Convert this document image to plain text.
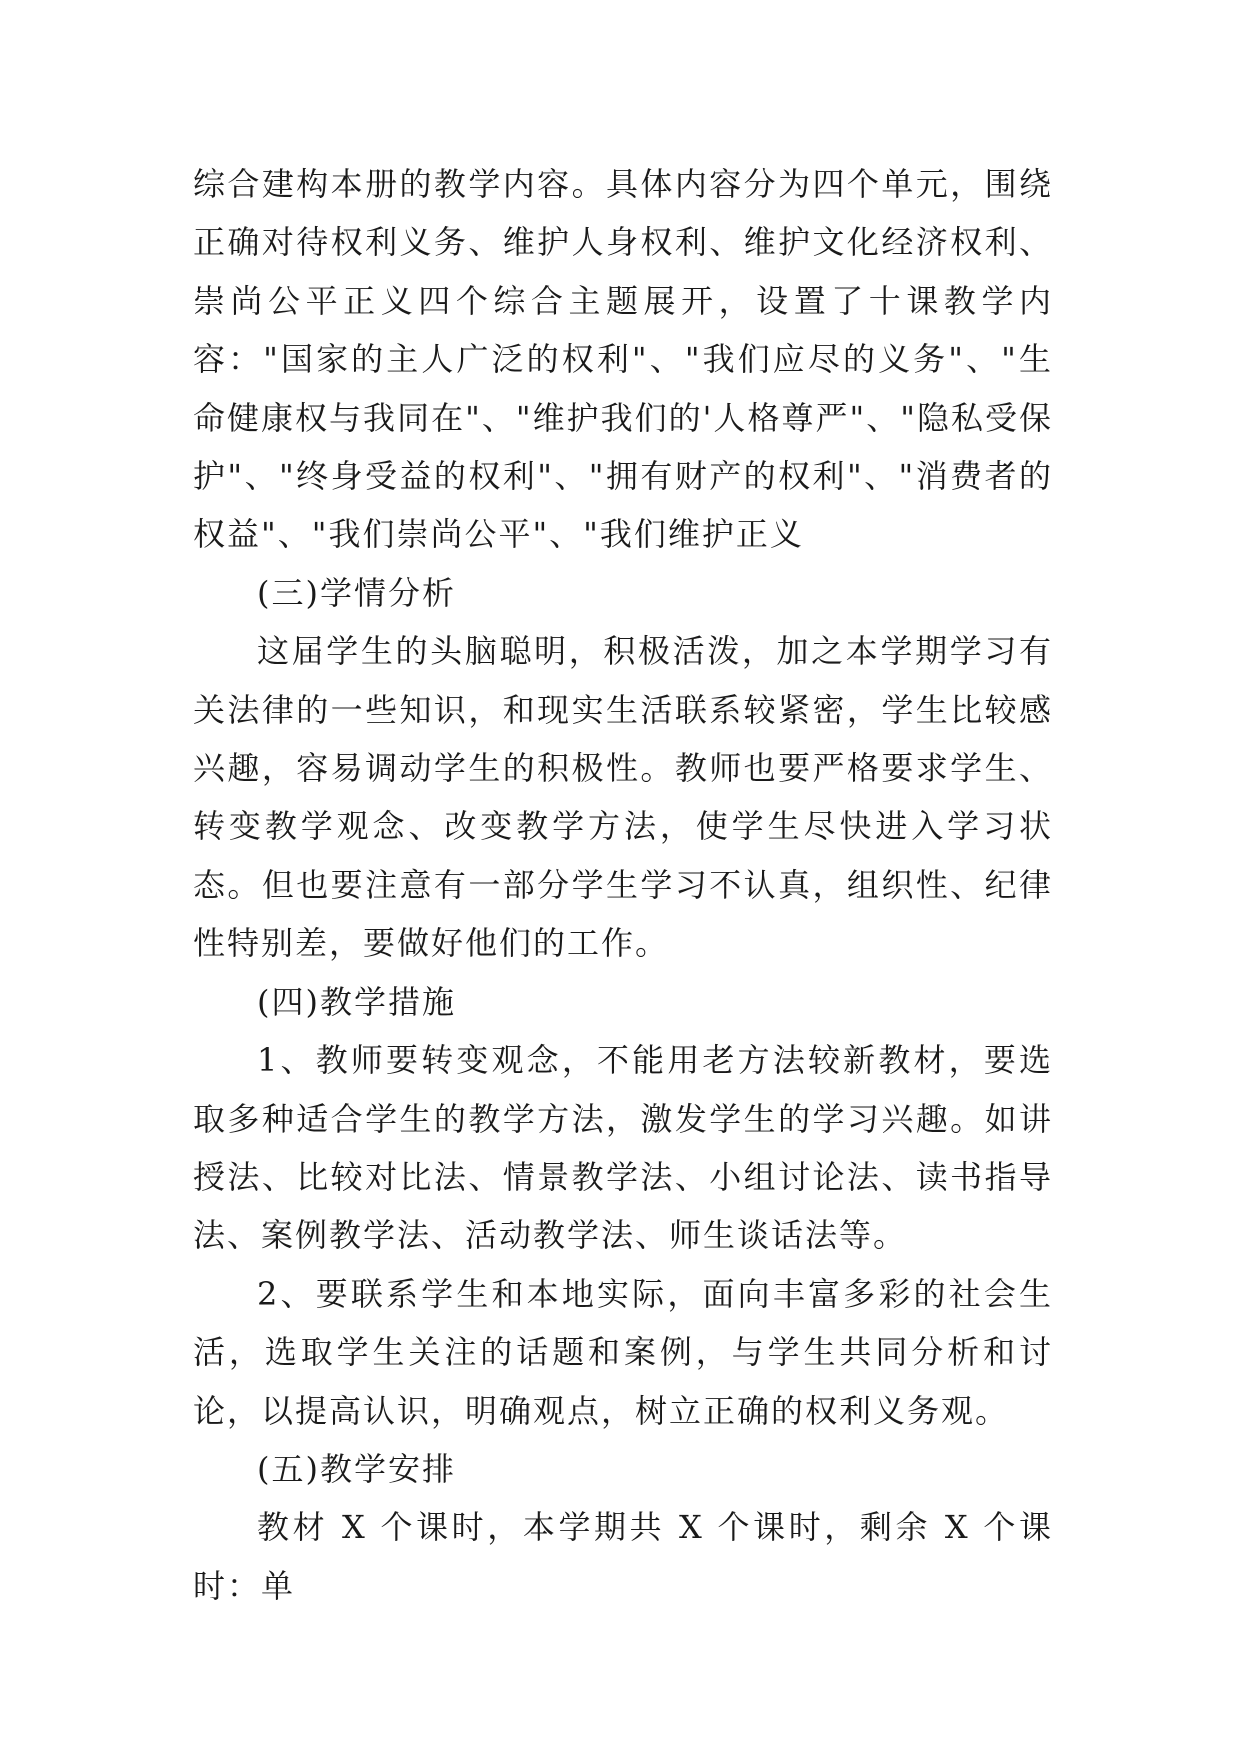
综合建构本册的教学内容。具体内容分为四个单元，围绕正确对待权利义务、维护人身权利、维护文化经济权利、崇尚公平正义四个综合主题展开，设置了十课教学内容："国家的主人广泛的权利"、"我们应尽的义务"、"生命健康权与我同在"、"维护我们的'人格尊严"、"隐私受保护"、"终身受益的权利"、"拥有财产的权利"、"消费者的权益"、"我们崇尚公平"、"我们维护正义

(三)学情分析

这届学生的头脑聪明，积极活泼，加之本学期学习有关法律的一些知识，和现实生活联系较紧密，学生比较感兴趣，容易调动学生的积极性。教师也要严格要求学生、转变教学观念、改变教学方法，使学生尽快进入学习状态。但也要注意有一部分学生学习不认真，组织性、纪律性特别差，要做好他们的工作。

(四)教学措施

1、教师要转变观念，不能用老方法较新教材，要选取多种适合学生的教学方法，激发学生的学习兴趣。如讲授法、比较对比法、情景教学法、小组讨论法、读书指导法、案例教学法、活动教学法、师生谈话法等。

2、要联系学生和本地实际，面向丰富多彩的社会生活，选取学生关注的话题和案例，与学生共同分析和讨论，以提高认识，明确观点，树立正确的权利义务观。

(五)教学安排

教材 X 个课时，本学期共 X 个课时，剩余 X 个课时：单
